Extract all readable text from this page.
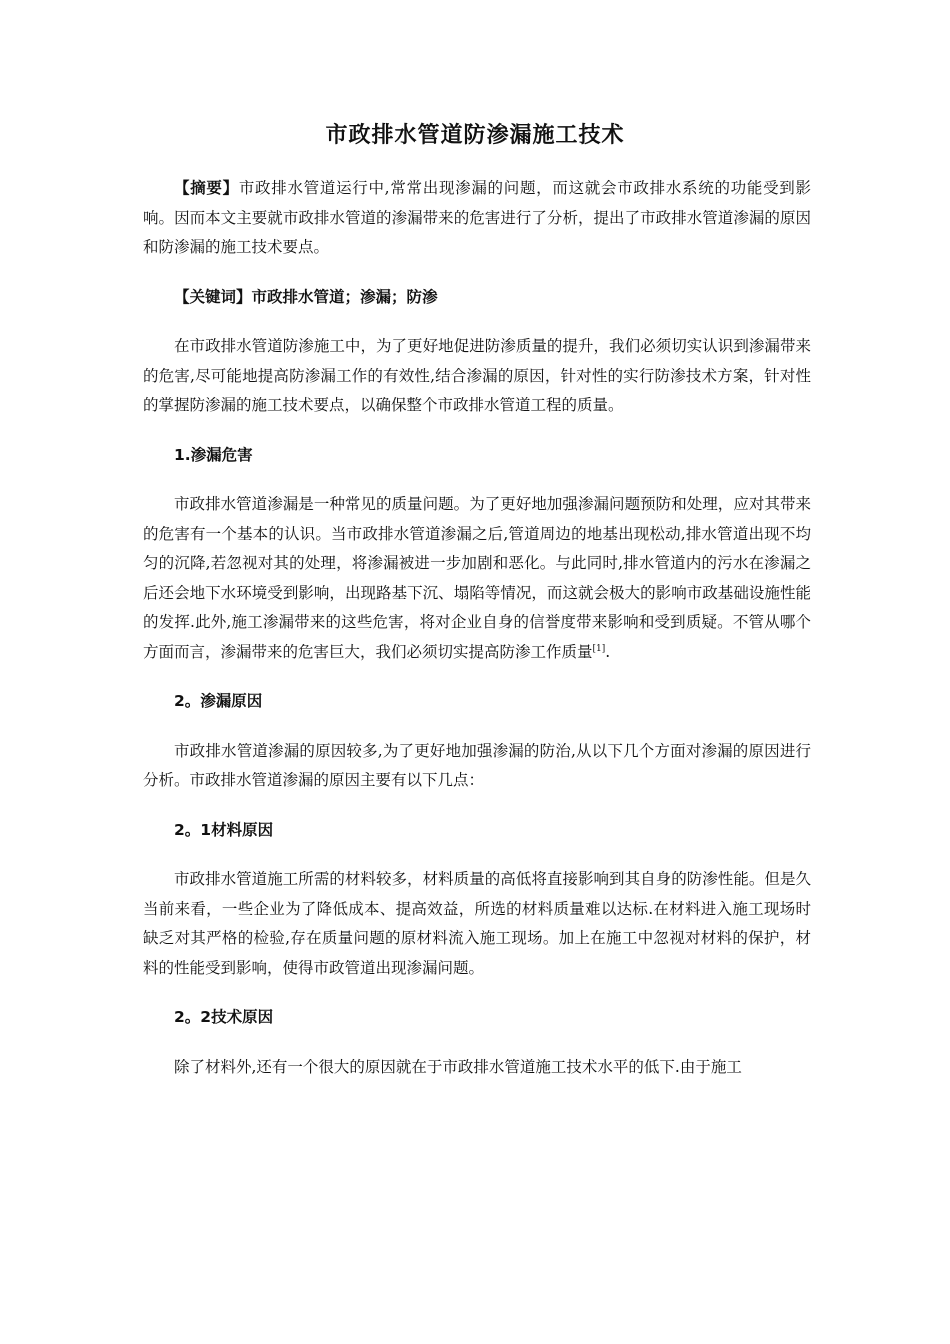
市政排水管道防渗漏施工技术

【摘要】市政排水管道运行中,常常出现渗漏的问题，而这就会市政排水系统的功能受到影响。因而本文主要就市政排水管道的渗漏带来的危害进行了分析，提出了市政排水管道渗漏的原因和防渗漏的施工技术要点。

【关键词】市政排水管道；渗漏；防渗

在市政排水管道防渗施工中，为了更好地促进防渗质量的提升，我们必须切实认识到渗漏带来的危害,尽可能地提高防渗漏工作的有效性,结合渗漏的原因，针对性的实行防渗技术方案，针对性的掌握防渗漏的施工技术要点，以确保整个市政排水管道工程的质量。

1.渗漏危害

市政排水管道渗漏是一种常见的质量问题。为了更好地加强渗漏问题预防和处理，应对其带来的危害有一个基本的认识。当市政排水管道渗漏之后,管道周边的地基出现松动,排水管道出现不均匀的沉降,若忽视对其的处理，将渗漏被进一步加剧和恶化。与此同时,排水管道内的污水在渗漏之后还会地下水环境受到影响，出现路基下沉、塌陷等情况，而这就会极大的影响市政基础设施性能的发挥.此外,施工渗漏带来的这些危害，将对企业自身的信誉度带来影响和受到质疑。不管从哪个方面而言，渗漏带来的危害巨大，我们必须切实提高防渗工作质量[1].

2。渗漏原因

市政排水管道渗漏的原因较多,为了更好地加强渗漏的防治,从以下几个方面对渗漏的原因进行分析。市政排水管道渗漏的原因主要有以下几点：

2。1材料原因

市政排水管道施工所需的材料较多，材料质量的高低将直接影响到其自身的防渗性能。但是久当前来看，一些企业为了降低成本、提高效益，所选的材料质量难以达标.在材料进入施工现场时缺乏对其严格的检验,存在质量问题的原材料流入施工现场。加上在施工中忽视对材料的保护，材料的性能受到影响，使得市政管道出现渗漏问题。

2。2技术原因

除了材料外,还有一个很大的原因就在于市政排水管道施工技术水平的低下.由于施工
